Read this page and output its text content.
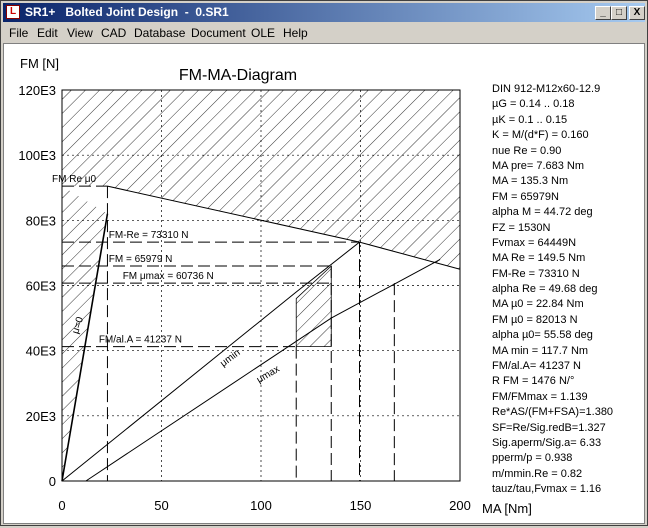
L SR1+   Bolted Joint Design  -  0.SR1	_	□	X
File Edit View CAD Database Document OLE Help
FM-MA-Diagram
FM [N]
MA [Nm]
0
20E3
40E3
60E3
80E3
100E3
120E3
0	50	100	150	200
FM Re μ0
FM-Re = 73310 N
FM = 65979 N
FM μmax = 60736 N
FM/al.A = 41237 N
μ=0
μmin
μmax
DIN 912-M12x60-12.9
µG = 0.14 .. 0.18
µK = 0.1 .. 0.15
K = M/(d*F) = 0.160
nue Re = 0.90
MA pre= 7.683 Nm
MA = 135.3 Nm
FM = 65979N
alpha M = 44.72 deg
FZ = 1530N
Fvmax = 64449N
MA Re = 149.5 Nm
FM-Re = 73310 N
alpha Re = 49.68 deg
MA µ0 = 22.84 Nm
FM µ0 = 82013 N
alpha µ0= 55.58 deg
MA min = 117.7 Nm
FM/al.A= 41237 N
R FM = 1476 N/°
FM/FMmax = 1.139
Re*AS/(FM+FSA)=1.380
SF=Re/Sig.redB=1.327
Sig.aperm/Sig.a= 6.33
pperm/p = 0.938
m/mmin.Re = 0.82
tauz/tau,Fvmax = 1.16
